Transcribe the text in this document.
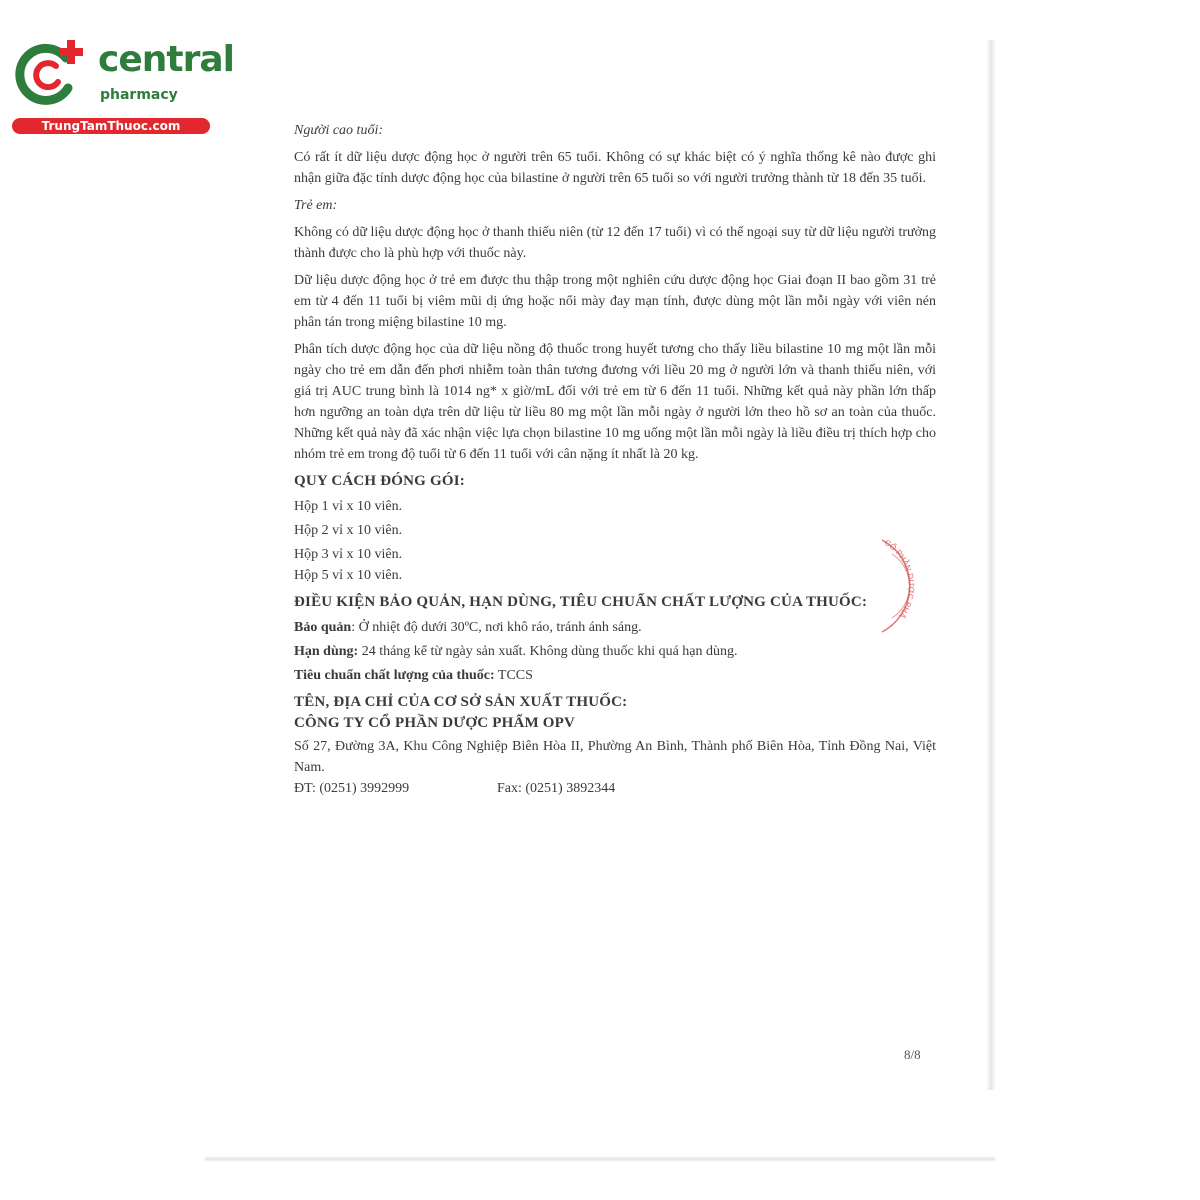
central
pharmacy
TrungTamThuoc.com	Người cao tuổi:

Có rất ít dữ liệu dược động học ở người trên 65 tuổi. Không có sự khác biệt có ý nghĩa thống kê nào được ghi nhận giữa đặc tính dược động học của bilastine ở người trên 65 tuổi so với người trưởng thành từ 18 đến 35 tuổi.

Trẻ em:

Không có dữ liệu dược động học ở thanh thiếu niên (từ 12 đến 17 tuổi) vì có thể ngoại suy từ dữ liệu người trưởng thành được cho là phù hợp với thuốc này.

Dữ liệu dược động học ở trẻ em được thu thập trong một nghiên cứu dược động học Giai đoạn II bao gồm 31 trẻ em từ 4 đến 11 tuổi bị viêm mũi dị ứng hoặc nổi mày đay mạn tính, được dùng một lần mỗi ngày với viên nén phân tán trong miệng bilastine 10 mg.

Phân tích dược động học của dữ liệu nồng độ thuốc trong huyết tương cho thấy liều bilastine 10 mg một lần mỗi ngày cho trẻ em dẫn đến phơi nhiễm toàn thân tương đương với liều 20 mg ở người lớn và thanh thiếu niên, với giá trị AUC trung bình là 1014 ng* x giờ/mL đối với trẻ em từ 6 đến 11 tuổi. Những kết quả này phần lớn thấp hơn ngưỡng an toàn dựa trên dữ liệu từ liều 80 mg một lần mỗi ngày ở người lớn theo hồ sơ an toàn của thuốc. Những kết quả này đã xác nhận việc lựa chọn bilastine 10 mg uống một lần mỗi ngày là liều điều trị thích hợp cho nhóm trẻ em trong độ tuổi từ 6 đến 11 tuổi với cân nặng ít nhất là 20 kg.

QUY CÁCH ĐÓNG GÓI:

Hộp 1 vỉ x 10 viên.

Hộp 2 vỉ x 10 viên.

Hộp 3 vỉ x 10 viên.

Hộp 5 vỉ x 10 viên.

ĐIỀU KIỆN BẢO QUẢN, HẠN DÙNG, TIÊU CHUẨN CHẤT LƯỢNG CỦA THUỐC:

Bảo quản: Ở nhiệt độ dưới 30ºC, nơi khô ráo, tránh ánh sáng.

Hạn dùng: 24 tháng kể từ ngày sản xuất. Không dùng thuốc khi quá hạn dùng.

Tiêu chuẩn chất lượng của thuốc: TCCS

TÊN, ĐỊA CHỈ CỦA CƠ SỞ SẢN XUẤT THUỐC:

CÔNG TY CỔ PHẦN DƯỢC PHẨM OPV

Số 27, Đường 3A, Khu Công Nghiệp Biên Hòa II, Phường An Bình, Thành phố Biên Hòa, Tỉnh Đồng Nai, Việt Nam.

ĐT: (0251) 3992999	Fax: (0251) 3892344
CỔ PHẦN DƯỢC PHẨ
8/8
